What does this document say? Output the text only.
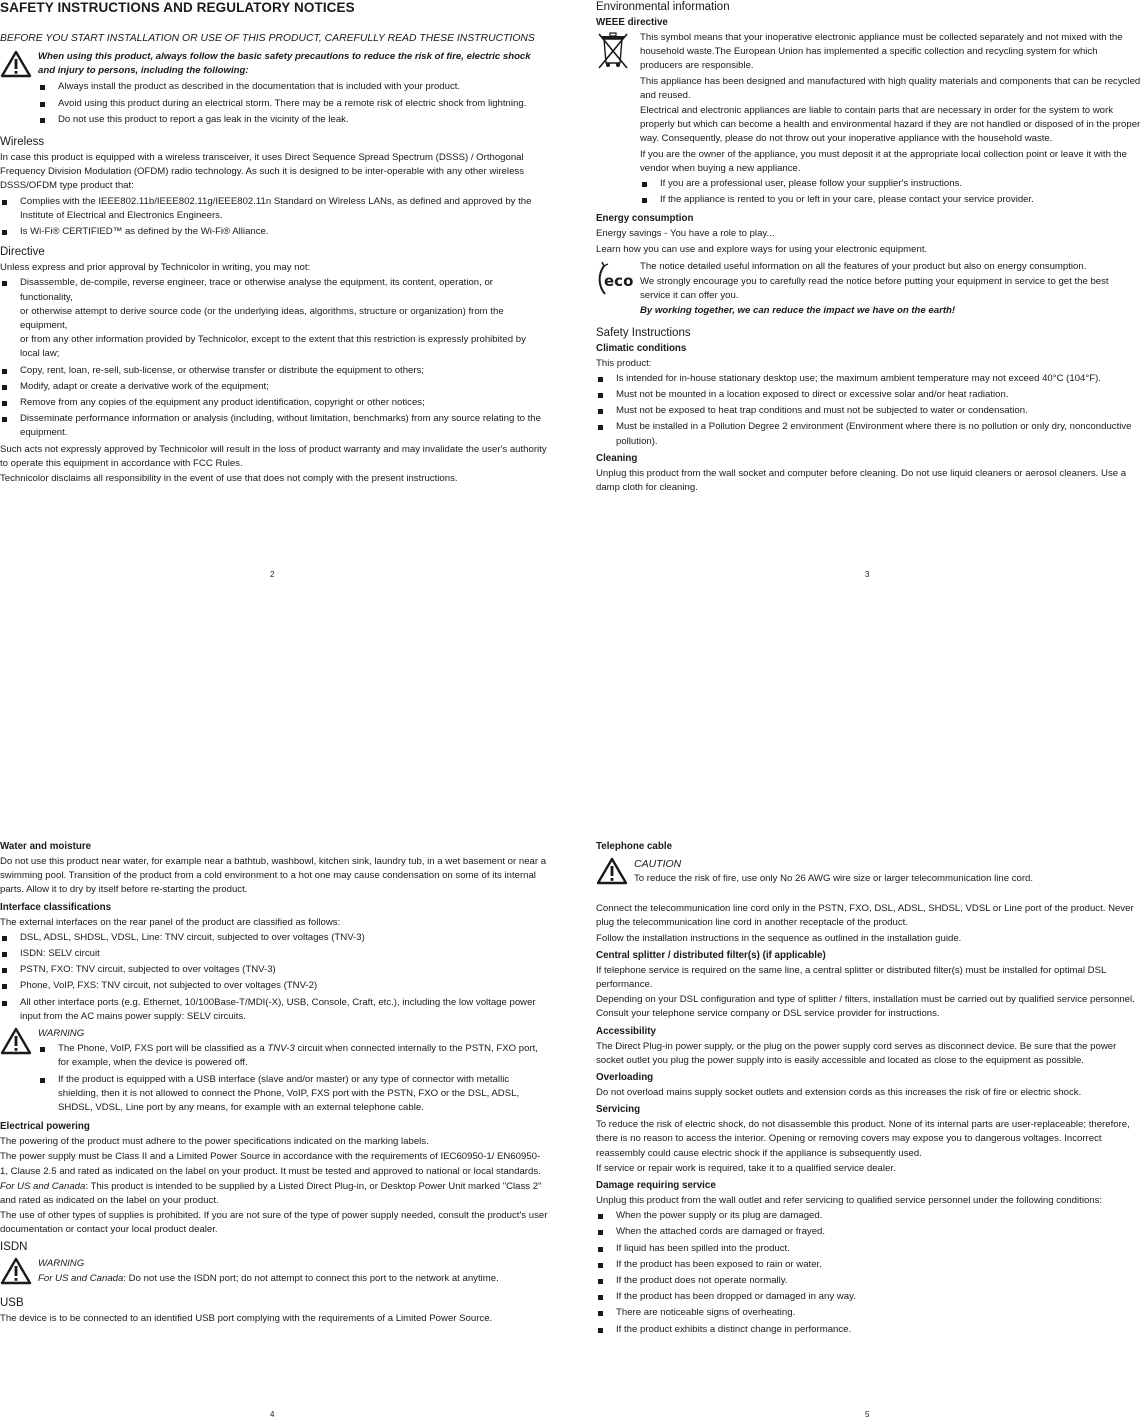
SAFETY INSTRUCTIONS AND REGULATORY NOTICES

BEFORE YOU START INSTALLATION OR USE OF THIS PRODUCT, CAREFULLY READ THESE INSTRUCTIONS

When using this product, always follow the basic safety precautions to reduce the risk of fire, electric shock and injury to persons, including the following:

Always install the product as described in the documentation that is included with your product.
Avoid using this product during an electrical storm. There may be a remote risk of electric shock from lightning.
Do not use this product to report a gas leak in the vicinity of the leak.
Wireless

In case this product is equipped with a wireless transceiver, it uses Direct Sequence Spread Spectrum (DSSS) / Orthogonal Frequency Division Modulation (OFDM) radio technology. As such it is designed to be inter-operable with any other wireless DSSS/OFDM type product that:

Complies with the IEEE802.11b/IEEE802.11g/IEEE802.11n Standard on Wireless LANs, as defined and approved by the Institute of Electrical and Electronics Engineers.
Is Wi-Fi® CERTIFIED™ as defined by the Wi-Fi® Alliance.
Directive

Unless express and prior approval by Technicolor in writing, you may not:

Disassemble, de-compile, reverse engineer, trace or otherwise analyse the equipment, its content, operation, or functionality,
or otherwise attempt to derive source code (or the underlying ideas, algorithms, structure or organization) from the equipment,
or from any other information provided by Technicolor, except to the extent that this restriction is expressly prohibited by local law;
Copy, rent, loan, re-sell, sub-license, or otherwise transfer or distribute the equipment to others;
Modify, adapt or create a derivative work of the equipment;
Remove from any copies of the equipment any product identification, copyright or other notices;
Disseminate performance information or analysis (including, without limitation, benchmarks) from any source relating to the equipment.

Such acts not expressly approved by Technicolor will result in the loss of product warranty and may invalidate the user's authority to operate this equipment in accordance with FCC Rules.

Technicolor disclaims all responsibility in the event of use that does not comply with the present instructions.

2
Environmental information
WEEE directive

This symbol means that your inoperative electronic appliance must be collected separately and not mixed with the household waste.The European Union has implemented a specific collection and recycling system for which producers are responsible.

This appliance has been designed and manufactured with high quality materials and components that can be recycled and reused.

Electrical and electronic appliances are liable to contain parts that are necessary in order for the system to work properly but which can become a health and environmental hazard if they are not handled or disposed of in the proper way. Consequently, please do not throw out your inoperative appliance with the household waste.

If you are the owner of the appliance, you must deposit it at the appropriate local collection point or leave it with the vendor when buying a new appliance.

If you are a professional user, please follow your supplier's instructions.
If the appliance is rented to you or left in your care, please contact your service provider.
Energy consumption

Energy savings - You have a role to play...

Learn how you can use and explore ways for using your electronic equipment.

eco

The notice detailed useful information on all the features of your product but also on energy consumption.

We strongly encourage you to carefully read the notice before putting your equipment in service to get the best service it can offer you.

By working together, we can reduce the impact we have on the earth!

Safety Instructions
Climatic conditions

This product:

Is intended for in-house stationary desktop use; the maximum ambient temperature may not exceed 40°C (104°F).
Must not be mounted in a location exposed to direct or excessive solar and/or heat radiation.
Must not be exposed to heat trap conditions and must not be subjected to water or condensation.
Must be installed in a Pollution Degree 2 environment (Environment where there is no pollution or only dry, nonconductive pollution).
Cleaning

Unplug this product from the wall socket and computer before cleaning. Do not use liquid cleaners or aerosol cleaners. Use a damp cloth for cleaning.

3
Water and moisture

Do not use this product near water, for example near a bathtub, washbowl, kitchen sink, laundry tub, in a wet basement or near a swimming pool. Transition of the product from a cold environment to a hot one may cause condensation on some of its internal parts. Allow it to dry by itself before re-starting the product.

Interface classifications

The external interfaces on the rear panel of the product are classified as follows:

DSL, ADSL, SHDSL, VDSL, Line: TNV circuit, subjected to over voltages (TNV-3)
ISDN: SELV circuit
PSTN, FXO: TNV circuit, subjected to over voltages (TNV-3)
Phone, VoIP, FXS: TNV circuit, not subjected to over voltages (TNV-2)
All other interface ports (e.g. Ethernet, 10/100Base-T/MDI(-X), USB, Console, Craft, etc.), including the low voltage power input from the AC mains power supply: SELV circuits.

WARNING

The Phone, VoIP, FXS port will be classified as a TNV-3 circuit when connected internally to the PSTN, FXO port, for example, when the device is powered off.
If the product is equipped with a USB interface (slave and/or master) or any type of connector with metallic shielding, then it is not allowed to connect the Phone, VoIP, FXS port with the PSTN, FXO or the DSL, ADSL, SHDSL, VDSL, Line port by any means, for example with an external telephone cable.
Electrical powering

The powering of the product must adhere to the power specifications indicated on the marking labels.

The power supply must be Class II and a Limited Power Source in accordance with the requirements of IEC60950-1/ EN60950-1, Clause 2.5 and rated as indicated on the label on your product. It must be tested and approved to national or local standards.

For US and Canada: This product is intended to be supplied by a Listed Direct Plug-in, or Desktop Power Unit marked "Class 2" and rated as indicated on the label on your product.

The use of other types of supplies is prohibited. If you are not sure of the type of power supply needed, consult the product's user documentation or contact your local product dealer.

ISDN

WARNING

For US and Canada: Do not use the ISDN port; do not attempt to connect this port to the network at anytime.

USB

The device is to be connected to an identified USB port complying with the requirements of a Limited Power Source.

4
Telephone cable

CAUTION

To reduce the risk of fire, use only No 26 AWG wire size or larger telecommunication line cord.

Connect the telecommunication line cord only in the PSTN, FXO, DSL, ADSL, SHDSL, VDSL or Line port of the product. Never plug the telecommunication line cord in another receptacle of the product.

Follow the installation instructions in the sequence as outlined in the installation guide.

Central splitter / distributed filter(s) (if applicable)

If telephone service is required on the same line, a central splitter or distributed filter(s) must be installed for optimal DSL performance.

Depending on your DSL configuration and type of splitter / filters, installation must be carried out by qualified service personnel. Consult your telephone service company or DSL service provider for instructions.

Accessibility

The Direct Plug-in power supply, or the plug on the power supply cord serves as disconnect device. Be sure that the power socket outlet you plug the power supply into is easily accessible and located as close to the equipment as possible.

Overloading

Do not overload mains supply socket outlets and extension cords as this increases the risk of fire or electric shock.

Servicing

To reduce the risk of electric shock, do not disassemble this product. None of its internal parts are user-replaceable; therefore, there is no reason to access the interior. Opening or removing covers may expose you to dangerous voltages. Incorrect reassembly could cause electric shock if the appliance is subsequently used.

If service or repair work is required, take it to a qualified service dealer.

Damage requiring service

Unplug this product from the wall outlet and refer servicing to qualified service personnel under the following conditions:

When the power supply or its plug are damaged.
When the attached cords are damaged or frayed.
If liquid has been spilled into the product.
If the product has been exposed to rain or water.
If the product does not operate normally.
If the product has been dropped or damaged in any way.
There are noticeable signs of overheating.
If the product exhibits a distinct change in performance.
5
